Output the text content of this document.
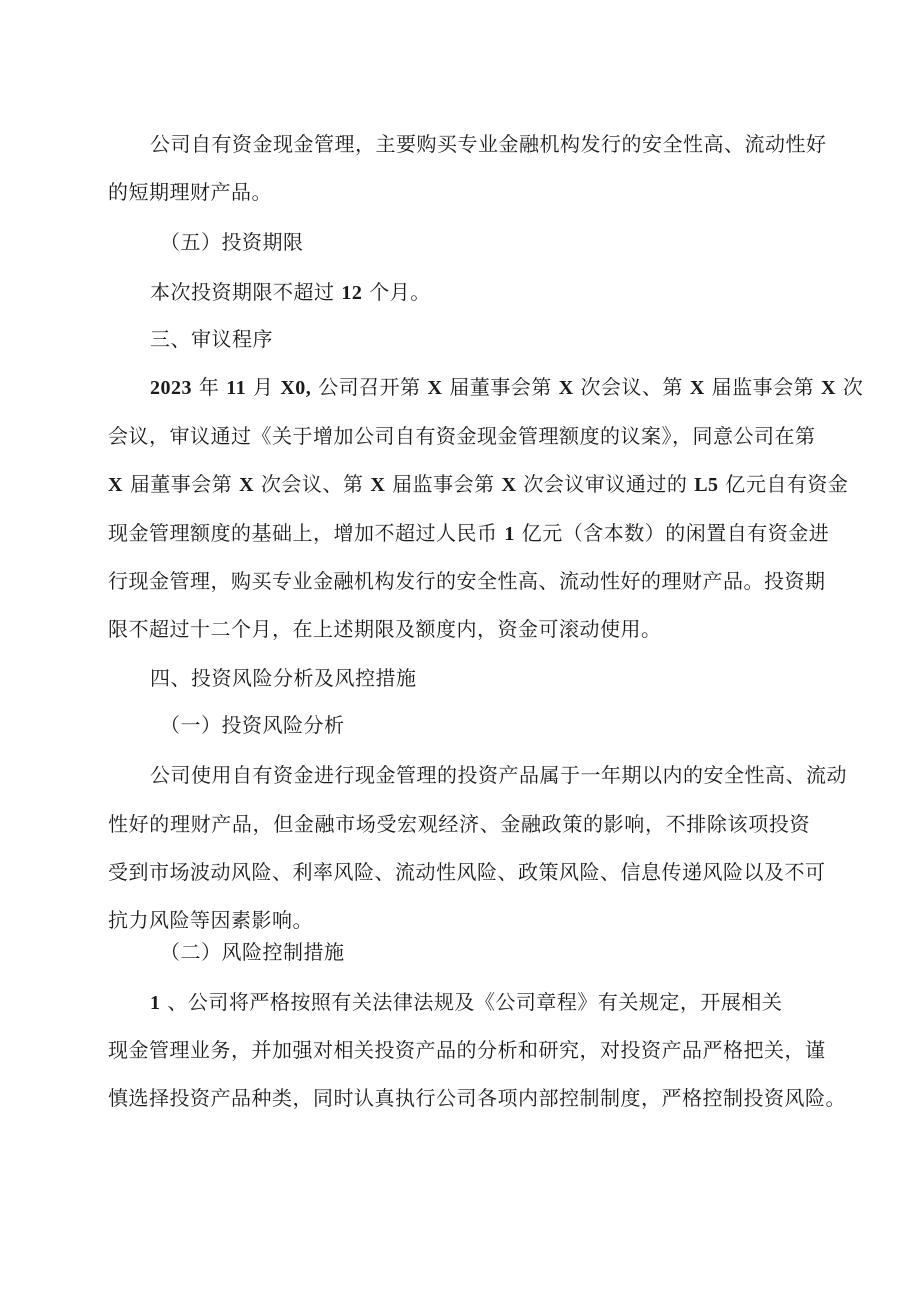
公司自有资金现金管理，主要购买专业金融机构发行的安全性高、流动性好
的短期理财产品。
（五）投资期限
本次投资期限不超过 12 个月。
三、审议程序
2023 年 11 月 X0, 公司召开第 X 届董事会第 X 次会议、第 X 届监事会第 X 次
会议，审议通过《关于增加公司自有资金现金管理额度的议案》，同意公司在第
X 届董事会第 X 次会议、第 X 届监事会第 X 次会议审议通过的 L5 亿元自有资金
现金管理额度的基础上，增加不超过人民币 1 亿元（含本数）的闲置自有资金进
行现金管理，购买专业金融机构发行的安全性高、流动性好的理财产品。投资期
限不超过十二个月，在上述期限及额度内，资金可滚动使用。
四、投资风险分析及风控措施
（一）投资风险分析
公司使用自有资金进行现金管理的投资产品属于一年期以内的安全性高、流动
性好的理财产品，但金融市场受宏观经济、金融政策的影响，不排除该项投资
受到市场波动风险、利率风险、流动性风险、政策风险、信息传递风险以及不可
抗力风险等因素影响。
（二）风险控制措施
1 、公司将严格按照有关法律法规及《公司章程》有关规定，开展相关
现金管理业务，并加强对相关投资产品的分析和研究，对投资产品严格把关，谨
慎选择投资产品种类，同时认真执行公司各项内部控制制度，严格控制投资风险。
